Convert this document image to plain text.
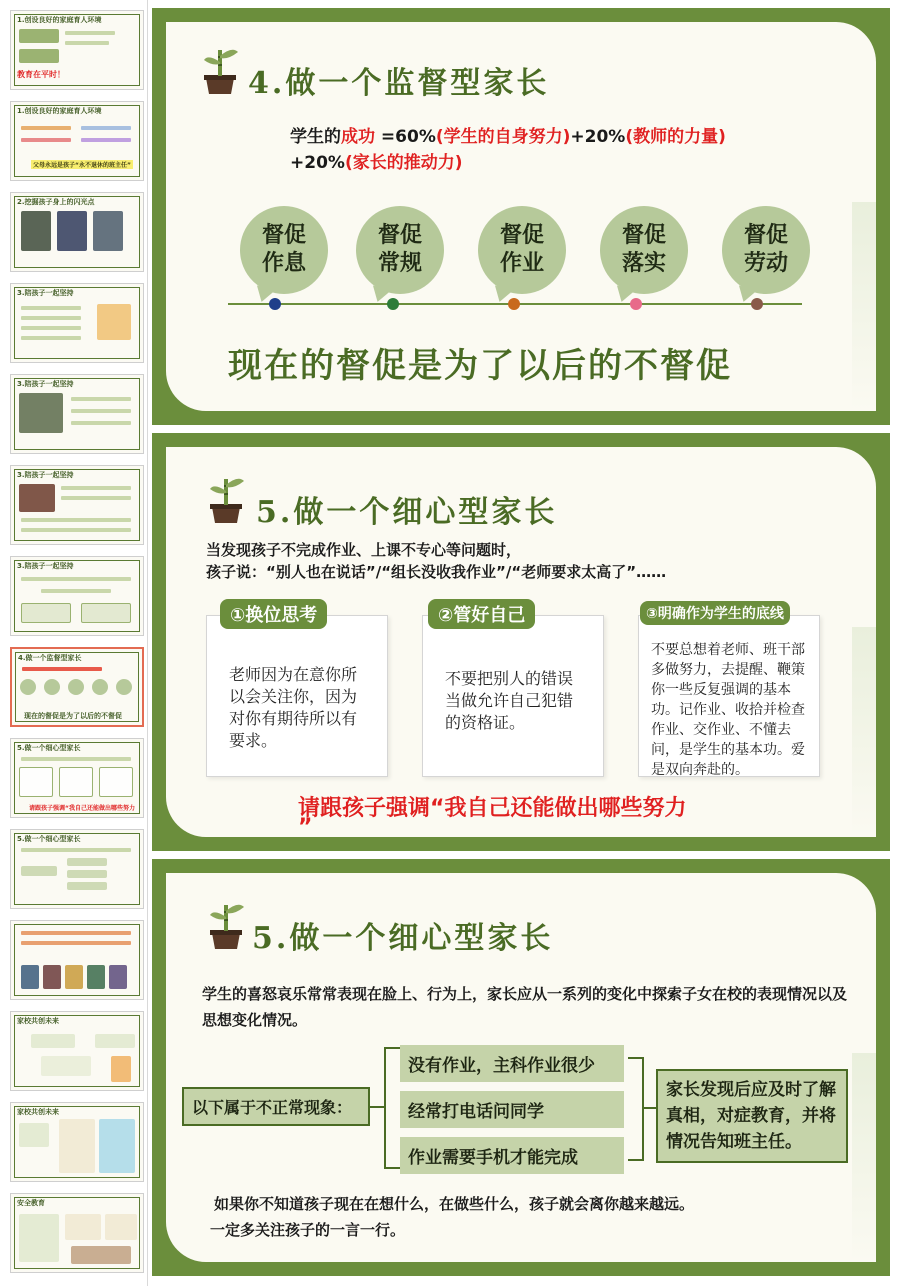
1.创设良好的家庭育人环境
教育在平时！
1.创设良好的家庭育人环境
父母永远是孩子“永不退休的班主任”
2.挖掘孩子身上的闪光点
3.陪孩子一起坚持
3.陪孩子一起坚持
3.陪孩子一起坚持
3.陪孩子一起坚持
4.做一个监督型家长
现在的督促是为了以后的不督促
5.做一个细心型家长
请跟孩子强调“我自己还能做出哪些努力
5.做一个细心型家长
家校共创未来
家校共创未来
安全教育
4.做一个监督型家长
学生的成功 =60%(学生的自身努力)+20%(教师的力量)
+20%(家长的推动力)
督促作息
督促常规
督促作业
督促落实
督促劳动
现在的督促是为了以后的不督促
5.做一个细心型家长
当发现孩子不完成作业、上课不专心等问题时，
孩子说：“别人也在说话”/“组长没收我作业”/“老师要求太高了”……
老师因为在意你所以会关注你，因为对你有期待所以有要求。
①换位思考
不要把别人的错误当做允许自己犯错的资格证。
②管好自己
不要总想着老师、班干部多做努力，去提醒、鞭策你一些反复强调的基本功。记作业、收拾并检查作业、交作业、不懂去问，是学生的基本功。爱是双向奔赴的。
③明确作为学生的底线
请跟孩子强调“我自己还能做出哪些努力
”
5.做一个细心型家长
学生的喜怒哀乐常常表现在脸上、行为上，家长应从一系列的变化中探索子女在校的表现情况以及思想变化情况。
以下属于不正常现象：
没有作业，主科作业很少
经常打电话问同学
作业需要手机才能完成
家长发现后应及时了解真相，对症教育，并将情况告知班主任。
如果你不知道孩子现在在想什么，在做些什么，孩子就会离你越来越远。
一定多关注孩子的一言一行。
